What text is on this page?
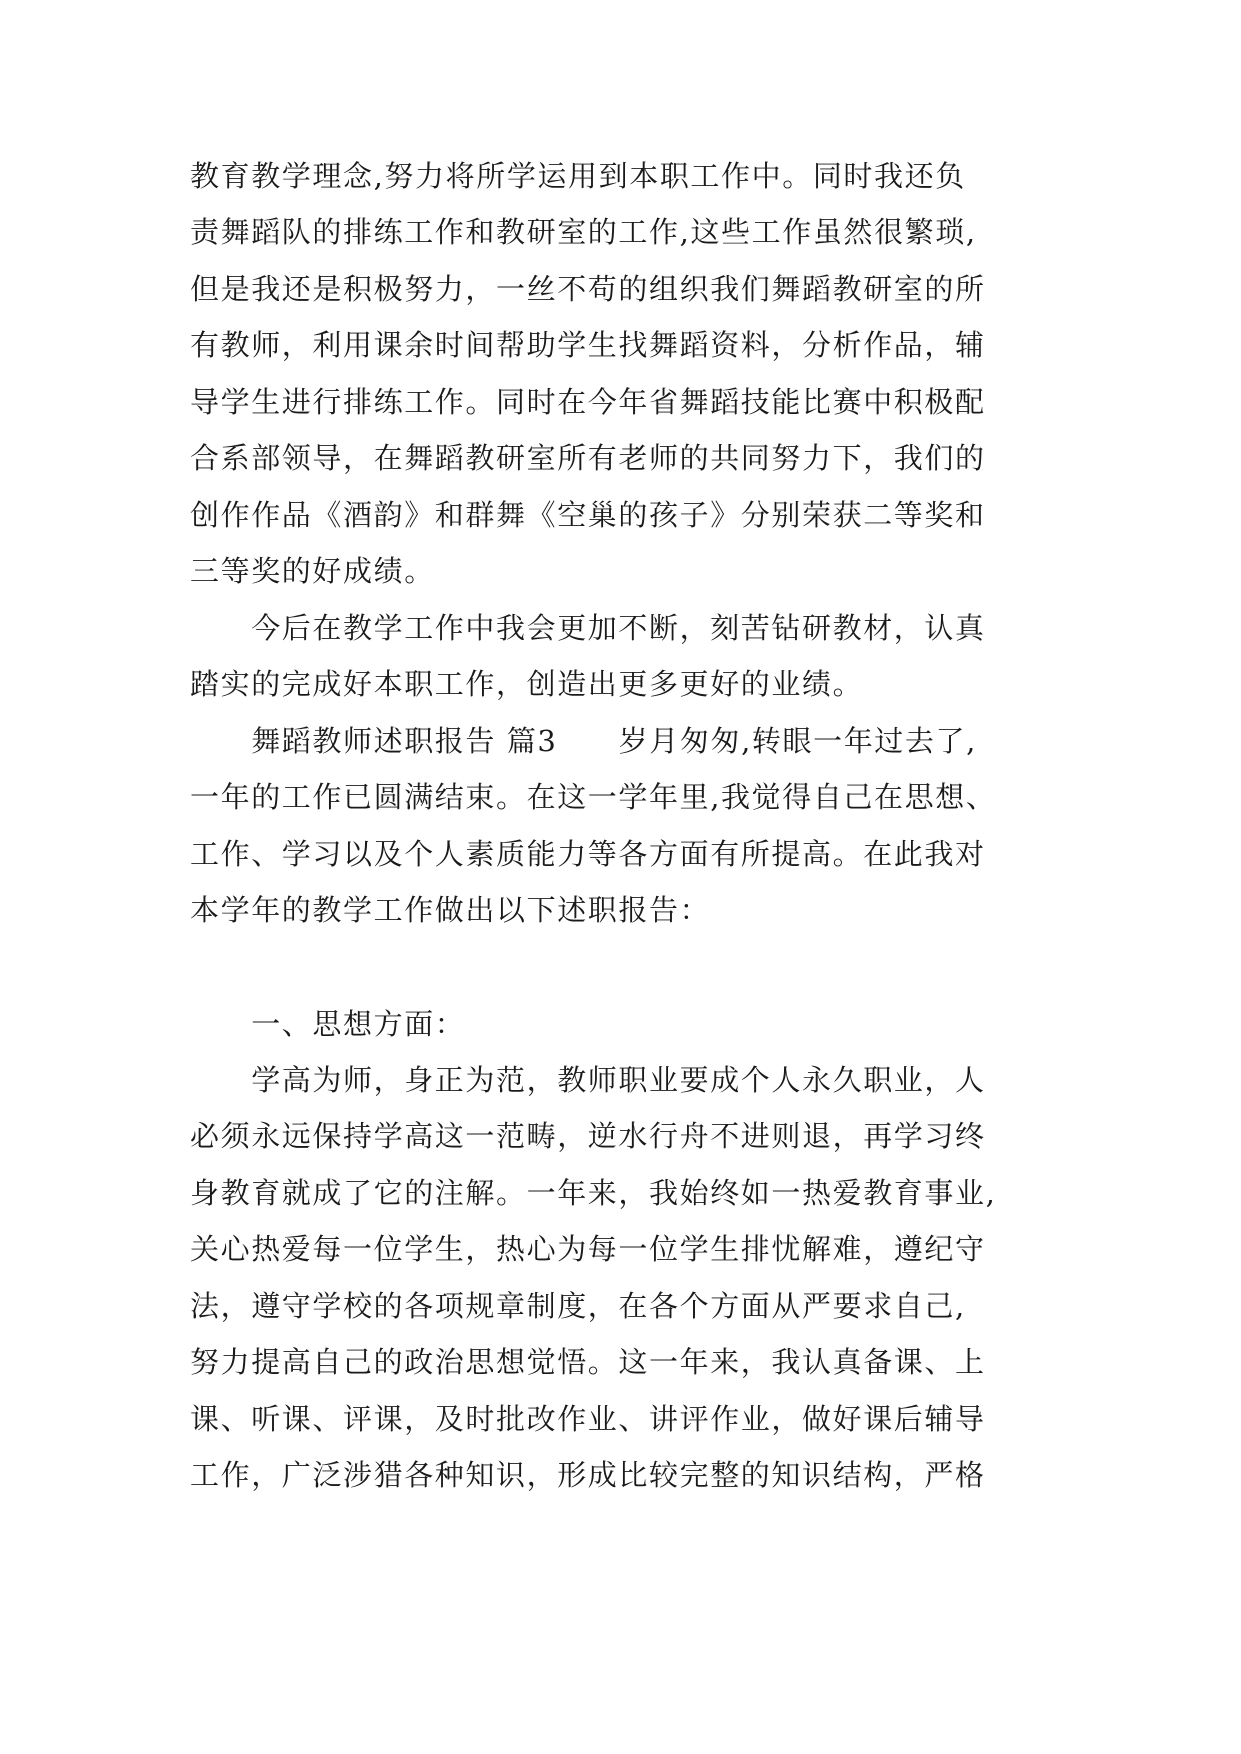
教育教学理念,努力将所学运用到本职工作中。同时我还负
责舞蹈队的排练工作和教研室的工作,这些工作虽然很繁琐,
但是我还是积极努力，一丝不苟的组织我们舞蹈教研室的所
有教师，利用课余时间帮助学生找舞蹈资料，分析作品，辅
导学生进行排练工作。同时在今年省舞蹈技能比赛中积极配
合系部领导，在舞蹈教研室所有老师的共同努力下，我们的
创作作品《酒韵》和群舞《空巢的孩子》分别荣获二等奖和
三等奖的好成绩。
　　今后在教学工作中我会更加不断，刻苦钻研教材，认真
踏实的完成好本职工作，创造出更多更好的业绩。
　　舞蹈教师述职报告 篇3　　岁月匆匆,转眼一年过去了,
一年的工作已圆满结束。在这一学年里,我觉得自己在思想、
工作、学习以及个人素质能力等各方面有所提高。在此我对
本学年的教学工作做出以下述职报告：
　　一、思想方面：
　　学高为师，身正为范，教师职业要成个人永久职业，人
必须永远保持学高这一范畴，逆水行舟不进则退，再学习终
身教育就成了它的注解。一年来，我始终如一热爱教育事业,
关心热爱每一位学生，热心为每一位学生排忧解难，遵纪守
法，遵守学校的各项规章制度，在各个方面从严要求自己,
努力提高自己的政治思想觉悟。这一年来，我认真备课、上
课、听课、评课，及时批改作业、讲评作业，做好课后辅导
工作，广泛涉猎各种知识，形成比较完整的知识结构，严格
